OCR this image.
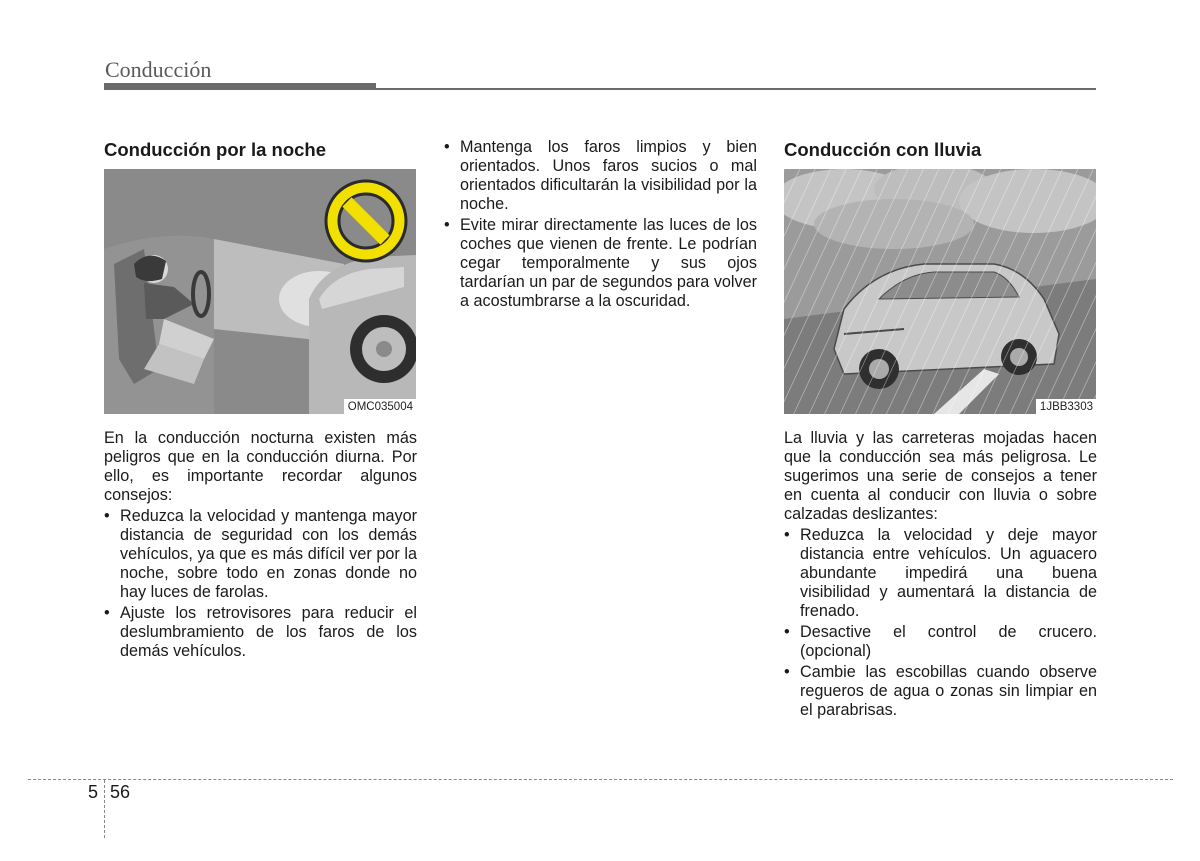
Conducción
Conducción por la noche
OMC035004

En la conducción nocturna existen más peligros que en la conducción diurna. Por ello, es importante recordar algunos consejos:

• Reduzca la velocidad y mantenga mayor distancia de seguridad con los demás vehículos, ya que es más difícil ver por la noche, sobre todo en zonas donde no hay luces de farolas.
• Ajuste los retrovisores para reducir el deslumbramiento de los faros de los demás vehículos.
• Mantenga los faros limpios y bien orientados. Unos faros sucios o mal orientados dificultarán la visibilidad por la noche.
• Evite mirar directamente las luces de los coches que vienen de frente. Le podrían cegar temporalmente y sus ojos tardarían un par de segundos para volver a acostumbrarse a la oscuridad.
Conducción con lluvia
1JBB3303

La lluvia y las carreteras mojadas hacen que la conducción sea más peligrosa. Le sugerimos una serie de consejos a tener en cuenta al conducir con lluvia o sobre calzadas deslizantes:

• Reduzca la velocidad y deje mayor distancia entre vehículos. Un aguacero abundante impedirá una buena visibilidad y aumentará la distancia de frenado.
• Desactive el control de crucero. (opcional)
• Cambie las escobillas cuando observe regueros de agua o zonas sin limpiar en el parabrisas.
5 56
